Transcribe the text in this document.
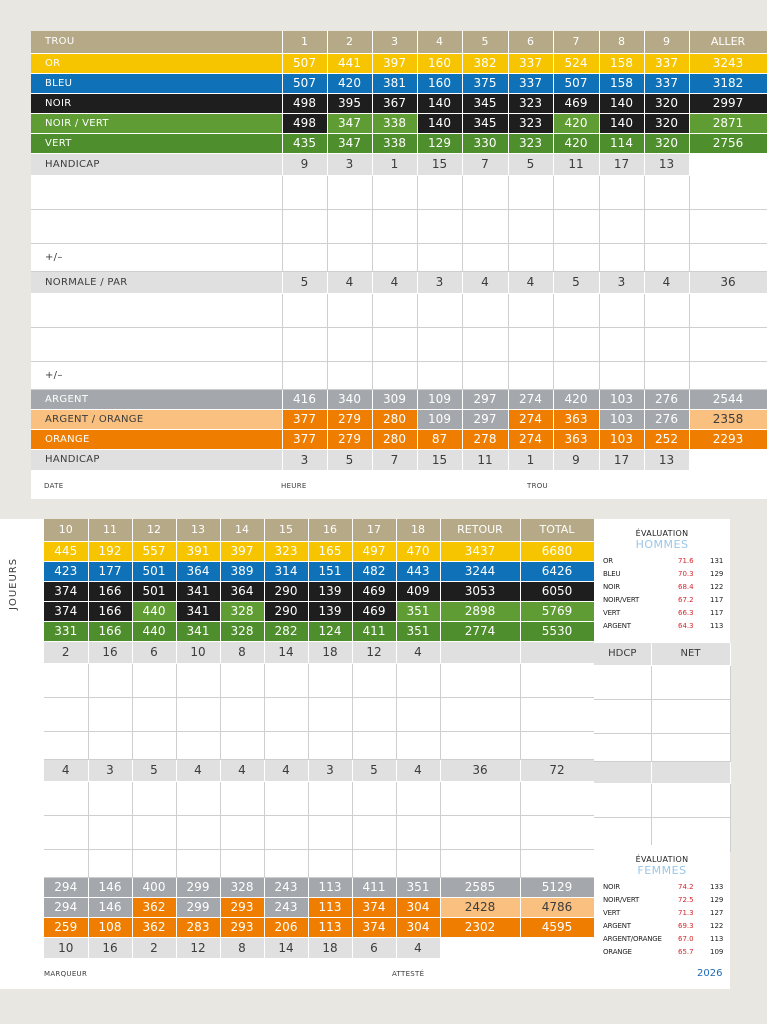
TROU	1	2	3	4	5	6	7	8	9	ALLER
OR	507	441	397	160	382	337	524	158	337	3243
BLEU	507	420	381	160	375	337	507	158	337	3182
NOIR	498	395	367	140	345	323	469	140	320	2997
NOIR / VERT	498	347	338	140	345	323	420	140	320	2871
VERT	435	347	338	129	330	323	420	114	320	2756
HANDICAP	9	3	1	15	7	5	11	17	13	

+/–										
NORMALE / PAR	5	4	4	3	4	4	5	3	4	36

+/–										
ARGENT	416	340	309	109	297	274	420	103	276	2544
ARGENT / ORANGE	377	279	280	109	297	274	363	103	276	2358
ORANGE	377	279	280	87	278	274	363	103	252	2293
HANDICAP	3	5	7	15	11	1	9	17	13	
DATE	HEURE	TROU
10	11	12	13	14	15	16	17	18	RETOUR	TOTAL
445	192	557	391	397	323	165	497	470	3437	6680
423	177	501	364	389	314	151	482	443	3244	6426
374	166	501	341	364	290	139	469	409	3053	6050
374	166	440	341	328	290	139	469	351	2898	5769
331	166	440	341	328	282	124	411	351	2774	5530
2	16	6	10	8	14	18	12	4		

4	3	5	4	4	4	3	5	4	36	72

294	146	400	299	328	243	113	411	351	2585	5129
294	146	362	299	293	243	113	374	304	2428	4786
259	108	362	283	293	206	113	374	304	2302	4595
10	16	2	12	8	14	18	6	4		
HDCP	NET

ÉVALUATION
HOMMES
OR	71.6 131
BLEU	70.3 129
NOIR	68.4 122
NOIR/VERT	67.2 117
VERT	66.3 117
ARGENT	64.3 113
ÉVALUATION
FEMMES
NOIR	74.2 133
NOIR/VERT	72.5 129
VERT	71.3 127
ARGENT	69.3 122
ARGENT/ORANGE 67.0 113
ORANGE	65.7 109
MARQUEUR	ATTESTÉ
JOUEURS
2026
